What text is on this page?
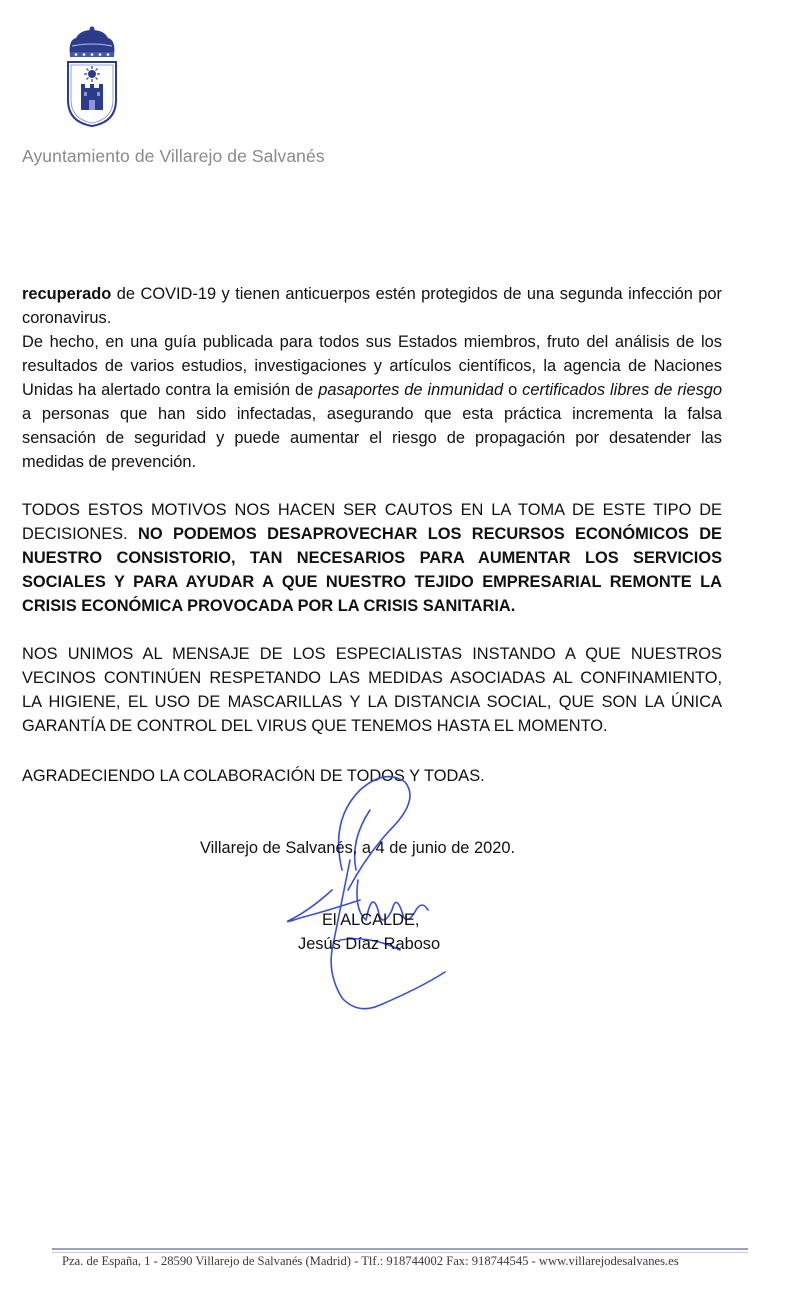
Ayuntamiento de Villarejo de Salvanés

recuperado de COVID-19 y tienen anticuerpos estén protegidos de una segunda infección por coronavirus.

De hecho, en una guía publicada para todos sus Estados miembros, fruto del análisis de los resultados de varios estudios, investigaciones y artículos científicos, la agencia de Naciones Unidas ha alertado contra la emisión de pasaportes de inmunidad o certificados libres de riesgo a personas que han sido infectadas, asegurando que esta práctica incrementa la falsa sensación de seguridad y puede aumentar el riesgo de propagación por desatender las medidas de prevención.

TODOS ESTOS MOTIVOS NOS HACEN SER CAUTOS EN LA TOMA DE ESTE TIPO DE DECISIONES. NO PODEMOS DESAPROVECHAR LOS RECURSOS ECONÓMICOS DE NUESTRO CONSISTORIO, TAN NECESARIOS PARA AUMENTAR LOS SERVICIOS SOCIALES Y PARA AYUDAR A QUE NUESTRO TEJIDO EMPRESARIAL REMONTE LA CRISIS ECONÓMICA PROVOCADA POR LA CRISIS SANITARIA.

NOS UNIMOS AL MENSAJE DE LOS ESPECIALISTAS INSTANDO A QUE NUESTROS VECINOS CONTINÚEN RESPETANDO LAS MEDIDAS ASOCIADAS AL CONFINAMIENTO, LA HIGIENE, EL USO DE MASCARILLAS Y LA DISTANCIA SOCIAL, QUE SON LA ÚNICA GARANTÍA DE CONTROL DEL VIRUS QUE TENEMOS HASTA EL MOMENTO.

AGRADECIENDO LA COLABORACIÓN DE TODOS Y TODAS.
Villarejo de Salvanés, a 4 de junio de 2020.
El ALCALDE,
Jesús Díaz Raboso
Pza. de España, 1 - 28590 Villarejo de Salvanés (Madrid) - Tlf.: 918744002 Fax: 918744545 - www.villarejodesalvanes.es
